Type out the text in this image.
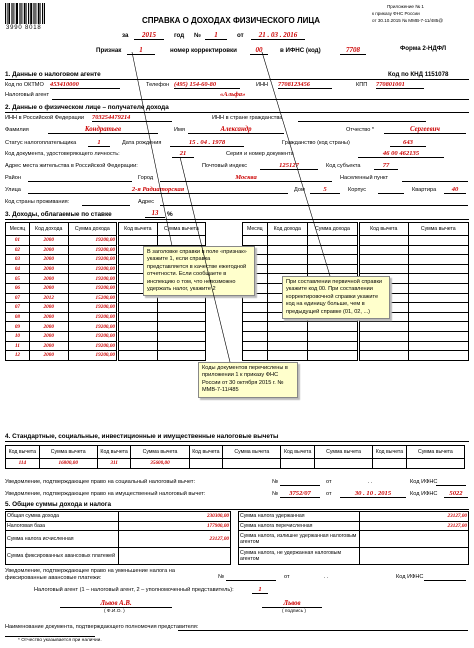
3990 8018
Приложение № 1
к приказу ФНС России
от 30.10.2015 № ММВ-7-11/485@
СПРАВКА О ДОХОДАХ ФИЗИЧЕСКОГО ЛИЦА
за	2015	год №	1	от	21 . 03 . 2016
Форма 2-НДФЛ
Признак	1	номер корректировки	00	в ИФНС (код)	7708
1. Данные о налоговом агенте	Код по КНД 1151078
Код по ОКТМО 453410000	Телефон (495) 154-60-80	ИНН 7708123456	КПП 770801001
Налоговый агент	«Альфа»
2. Данные о физическом лице – получателе дохода
ИНН в Российской Федерации 703254479214	ИНН в стране гражданства
Фамилия	Кондратьев	Имя	Александр	Отчество *	Сергеевич
Статус налогоплательщика	1	Дата рождения	15 . 04 . 1978	Гражданство (код страны)	643
Код документа, удостоверяющего личность:	21	Серия и номер документа	46 00 462135
Адрес места жительства в Российской Федерации:	Почтовый индекс	125127	Код субъекта	77
Район	Город	Москва	Населенный пункт
Улица	2-я Радиаторская	Дом	5	Корпус	Квартира	40
Код страны проживания:	Адрес
3. Доходы, облагаемые по ставке	13	%
Месяц	Код дохода	Сумма дохода
01	2000	19200,00
02	2000	19200,00
03	2000	19200,00
04	2000	19200,00
05	2000	19200,00
06	2000	19200,00
07	2012	15200,00
07	2000	19200,00
08	2000	19200,00
09	2000	19200,00
10	2000	19200,00
11	2000	19200,00
12	2000	19200,00
Код вычета	Сумма вычета

		Месяц	Код дохода	Сумма дохода

			Код вычета	Сумма вычета

В заголовке справки в поле «признак» укажите 1, если справка представляется в качестве ежегодной отчетности. Если сообщаете в инспекцию о том, что невозможно удержать налог, укажите 2
При составлении первичной справки укажите код 00. При составлении корректировочной справки укажите код на единицу больше, чем в предыдущей справке (01, 02, ...)
Коды документов перечислены в приложении 1 к приказу ФНС России от 30 октября 2015 г. № ММВ-7-11/485
4. Стандартные, социальные, инвестиционные и имущественные налоговые вычеты
Код вычета	Сумма вычета	Код вычета	Сумма вычета	Код вычета	Сумма вычета	Код вычета	Сумма вычета	Код вычета	Сумма вычета
114	16800,00	311	35600,00						
Уведомление, подтверждающее право на социальный налоговый вычет:	№	от	. .	Код ИФНС
Уведомление, подтверждающее право на имущественный налоговый вычет:	№	3752/07	от	30 . 10 . 2015	Код ИФНС	5022
5. Общие суммы дохода и налога
Общая сумма дохода	230300,00
Налоговая база	177900,00
Сумма налога исчисленная	23127,00
Сумма фиксированных авансовых платежей	
Сумма налога удержанная	23127,00
Сумма налога перечисленная	23127,00
Сумма налога, излишне удержанная налоговым агентом	
Сумма налога, не удержанная налоговым агентом	
Уведомление, подтверждающее право на уменьшение налога на фиксированные авансовые платежи:	№	от	. .	Код ИФНС
Налоговый агент (1 – налоговый агент, 2 – уполномоченный представитель):	1
Львов А.В.
( Ф.И.О. )
Львов
( подпись )
Наименование документа, подтверждающего полномочия представителя:
* Отчество указывается при наличии.
